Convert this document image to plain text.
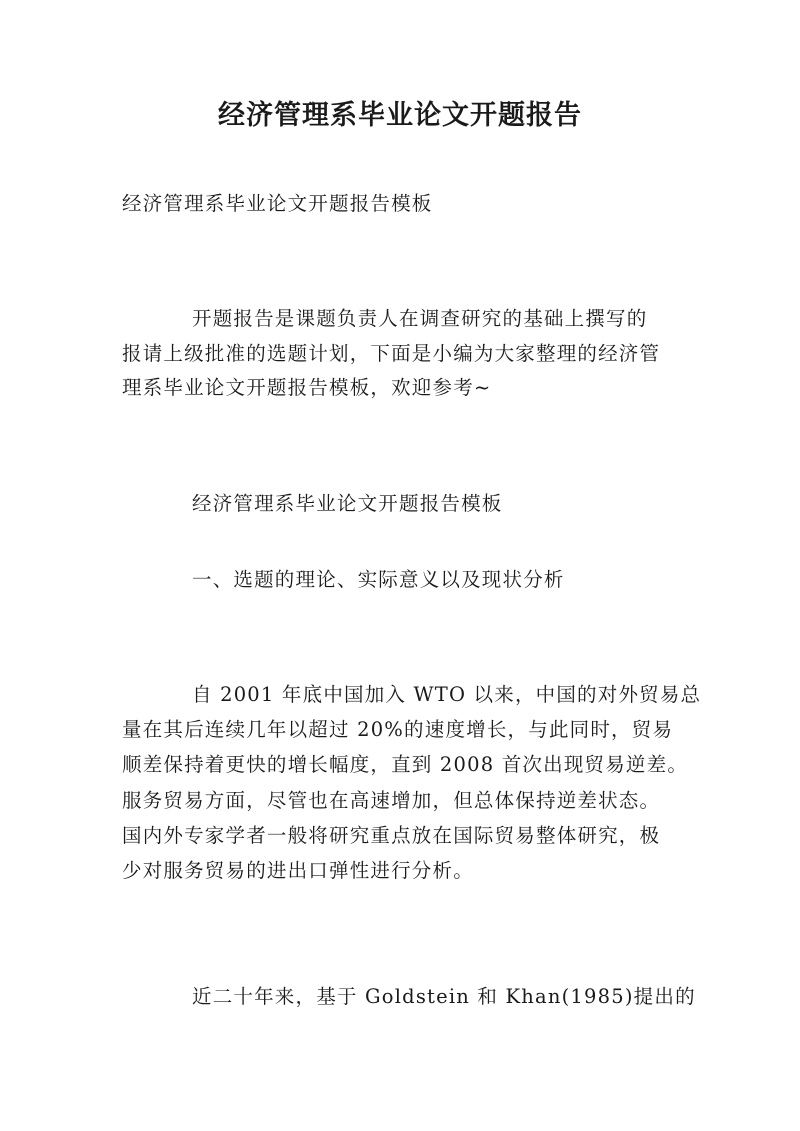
经济管理系毕业论文开题报告
经济管理系毕业论文开题报告模板
开题报告是课题负责人在调查研究的基础上撰写的
报请上级批准的选题计划，下面是小编为大家整理的经济管
理系毕业论文开题报告模板，欢迎参考~
经济管理系毕业论文开题报告模板
一、选题的理论、实际意义以及现状分析
自 2001 年底中国加入 WTO 以来，中国的对外贸易总
量在其后连续几年以超过 20%的速度增长，与此同时，贸易
顺差保持着更快的增长幅度，直到 2008 首次出现贸易逆差。
服务贸易方面，尽管也在高速增加，但总体保持逆差状态。
国内外专家学者一般将研究重点放在国际贸易整体研究，极
少对服务贸易的进出口弹性进行分析。
近二十年来，基于 Goldstein 和 Khan(1985)提出的
